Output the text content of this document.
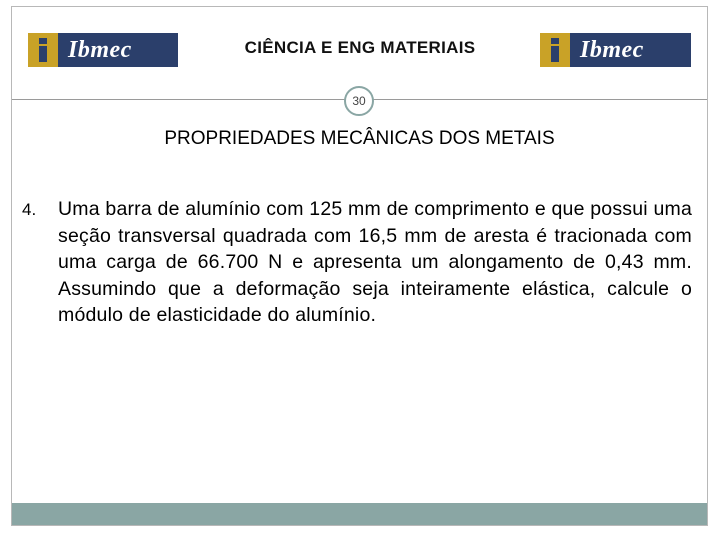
Ibmec	CIÊNCIA E ENG MATERIAIS	Ibmec
30
PROPRIEDADES MECÂNICAS DOS METAIS
4. Uma barra de alumínio com 125 mm de comprimento e que possui uma seção transversal quadrada com 16,5 mm de aresta é tracionada com uma carga de 66.700 N e apresenta um alongamento de 0,43 mm. Assumindo que a deformação seja inteiramente elástica, calcule o módulo de elasticidade do alumínio.
